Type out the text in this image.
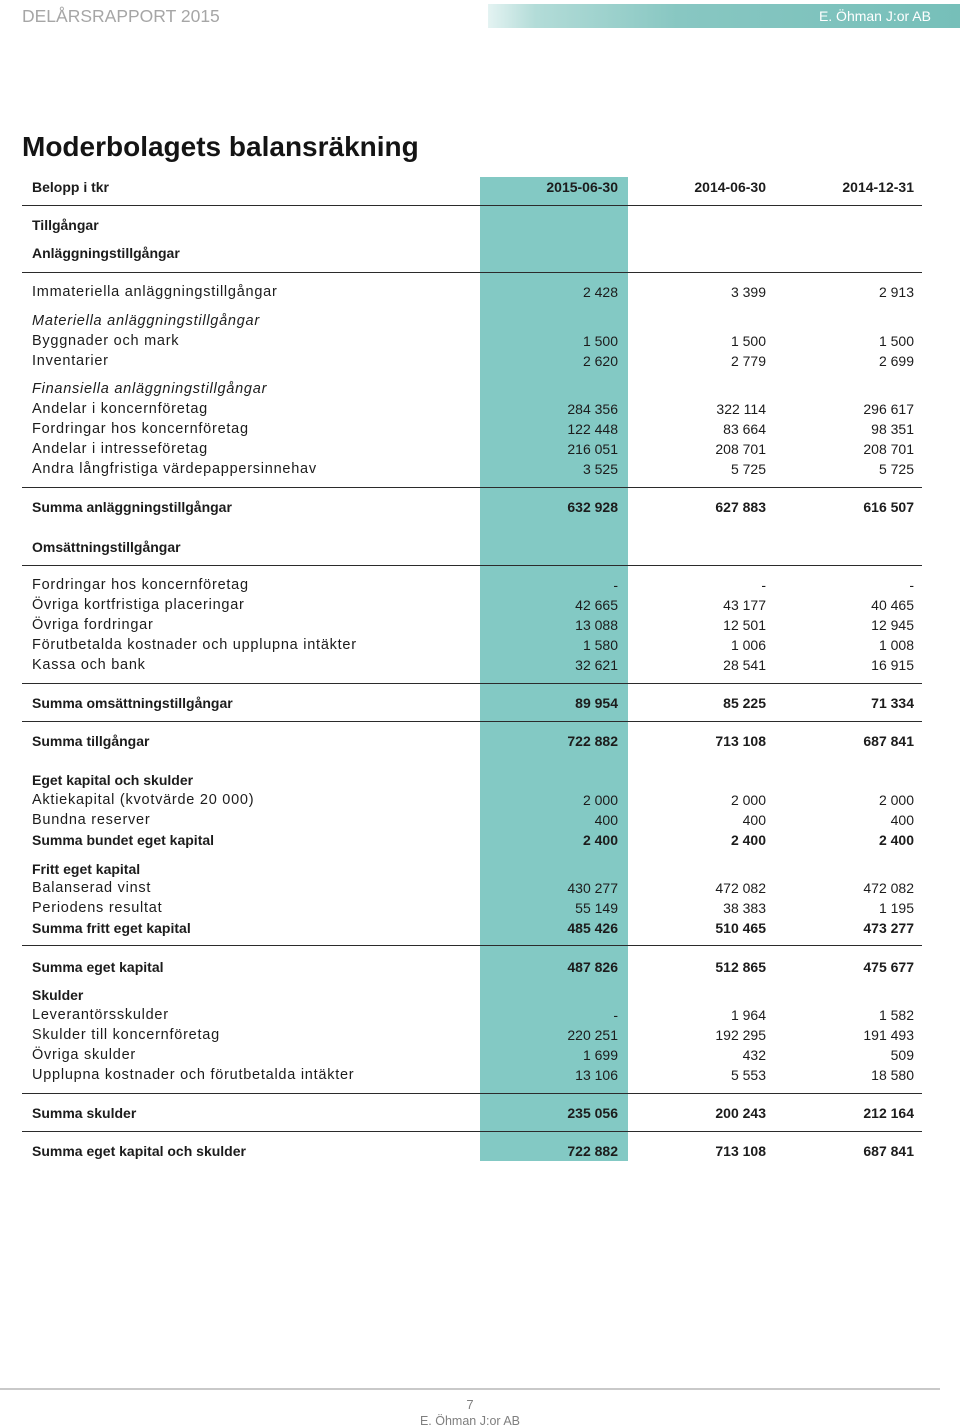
DELÅRSRAPPORT 2015	E. Öhman J:or AB
Moderbolagets balansräkning
Belopp i tkr	2015-06-30	2014-06-30	2014-12-31
Tillgångar
Anläggningstillgångar
Immateriella anläggningstillgångar	2 428	3 399	2 913
Materiella anläggningstillgångar
Byggnader och mark	1 500	1 500	1 500
Inventarier	2 620	2 779	2 699
Finansiella anläggningstillgångar
Andelar i koncernföretag	284 356	322 114	296 617
Fordringar hos koncernföretag	122 448	83 664	98 351
Andelar i intresseföretag	216 051	208 701	208 701
Andra långfristiga värdepappersinnehav	3 525	5 725	5 725
Summa anläggningstillgångar	632 928	627 883	616 507
Omsättningstillgångar
Fordringar hos koncernföretag	-	-	-
Övriga kortfristiga placeringar	42 665	43 177	40 465
Övriga fordringar	13 088	12 501	12 945
Förutbetalda kostnader och upplupna intäkter	1 580	1 006	1 008
Kassa och bank	32 621	28 541	16 915
Summa omsättningstillgångar	89 954	85 225	71 334
Summa tillgångar	722 882	713 108	687 841
Eget kapital och skulder
Aktiekapital (kvotvärde 20 000)	2 000	2 000	2 000
Bundna reserver	400	400	400
Summa bundet eget kapital	2 400	2 400	2 400
Fritt eget kapital
Balanserad vinst	430 277	472 082	472 082
Periodens resultat	55 149	38 383	1 195
Summa fritt eget kapital	485 426	510 465	473 277
Summa eget kapital	487 826	512 865	475 677
Skulder
Leverantörsskulder	-	1 964	1 582
Skulder till koncernföretag	220 251	192 295	191 493
Övriga skulder	1 699	432	509
Upplupna kostnader och förutbetalda intäkter	13 106	5 553	18 580
Summa skulder	235 056	200 243	212 164
Summa eget kapital och skulder	722 882	713 108	687 841
7
E. Öhman J:or AB
